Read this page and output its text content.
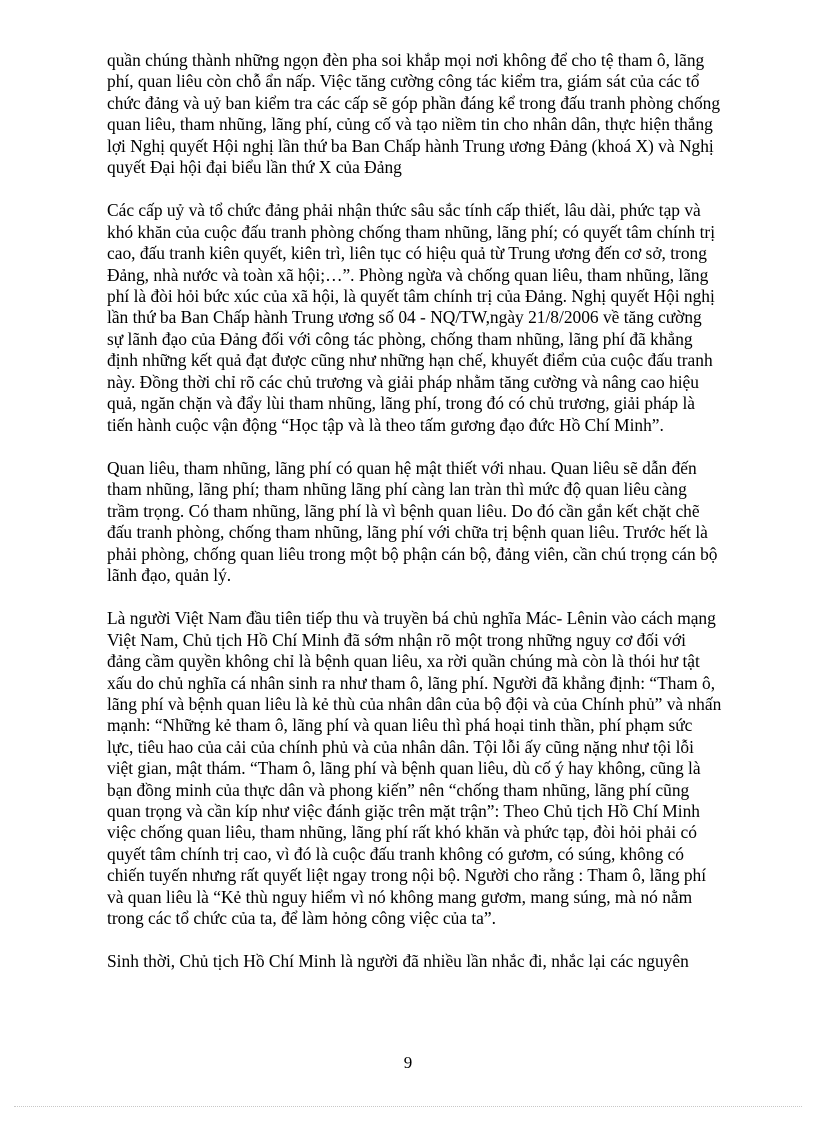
quần chúng thành những ngọn đèn pha soi khắp mọi nơi không để cho tệ tham ô, lãng
phí, quan liêu còn chỗ ẩn nấp. Việc tăng cường công tác kiểm tra, giám sát của các tổ
chức đảng và uỷ ban kiểm tra các cấp sẽ góp phần đáng kể trong đấu tranh phòng chống
quan liêu, tham nhũng, lãng phí, củng cố và tạo niềm tin cho nhân dân, thực hiện thắng
lợi Nghị quyết Hội nghị lần thứ ba Ban Chấp hành Trung ương Đảng (khoá X) và Nghị
quyết Đại hội đại biểu lần thứ X của Đảng

Các cấp uỷ và tổ chức đảng phải nhận thức sâu sắc tính cấp thiết, lâu dài, phức tạp và
khó khăn của cuộc đấu tranh phòng chống tham nhũng, lãng phí; có quyết tâm chính trị
cao, đấu tranh kiên quyết, kiên trì, liên tục có hiệu quả từ Trung ương đến cơ sở, trong
Đảng, nhà nước và toàn xã hội;…”. Phòng ngừa và chống quan liêu, tham nhũng, lãng
phí là đòi hỏi bức xúc của xã hội, là quyết tâm chính trị của Đảng. Nghị quyết Hội nghị
lần thứ ba Ban Chấp hành Trung ương số 04 - NQ/TW,ngày 21/8/2006 về tăng cường
sự lãnh đạo của Đảng đối với công tác phòng, chống tham nhũng, lãng phí đã khẳng
định những kết quả đạt được cũng như những hạn chế, khuyết điểm của cuộc đấu tranh
này. Đồng thời chỉ rõ các chủ trương và giải pháp nhằm tăng cường và nâng cao hiệu
quả, ngăn chặn và đẩy lùi tham nhũng, lãng phí, trong đó có chủ trương, giải pháp là
tiến hành cuộc vận động “Học tập và là theo tấm gương đạo đức Hồ Chí Minh”.

Quan liêu, tham nhũng, lãng phí có quan hệ mật thiết với nhau. Quan liêu sẽ dẫn đến
tham nhũng, lãng phí; tham nhũng lãng phí càng lan tràn thì mức độ quan liêu càng
trầm trọng. Có tham nhũng, lãng phí là vì bệnh quan liêu. Do đó cần gắn kết chặt chẽ
đấu tranh phòng, chống tham nhũng, lãng phí với chữa trị bệnh quan liêu. Trước hết là
phải phòng, chống quan liêu trong một bộ phận cán bộ, đảng viên, cần chú trọng cán bộ
lãnh đạo, quản lý.

Là người Việt Nam đầu tiên tiếp thu và truyền bá chủ nghĩa Mác- Lênin vào cách mạng
Việt Nam, Chủ tịch Hồ Chí Minh đã sớm nhận rõ một trong những nguy cơ đối với
đảng cầm quyền không chỉ là bệnh quan liêu, xa rời quần chúng mà còn là thói hư tật
xấu do chủ nghĩa cá nhân sinh ra như tham ô, lãng phí. Người đã khẳng định: “Tham ô,
lãng phí và bệnh quan liêu là kẻ thù của nhân dân của bộ đội và của Chính phủ” và nhấn
mạnh: “Những kẻ tham ô, lãng phí và quan liêu thì phá hoại tinh thần, phí phạm sức
lực, tiêu hao của cải của chính phủ và của nhân dân. Tội lỗi ấy cũng nặng như tội lỗi
việt gian, mật thám. “Tham ô, lãng phí và bệnh quan liêu, dù cố ý hay không, cũng là
bạn đồng minh của thực dân và phong kiến” nên “chống tham nhũng, lãng phí cũng
quan trọng và cần kíp như việc đánh giặc trên mặt trận”: Theo Chủ tịch Hồ Chí Minh
việc chống quan liêu, tham nhũng, lãng phí rất khó khăn và phức tạp, đòi hỏi phải có
quyết tâm chính trị cao, vì đó là cuộc đấu tranh không có gươm, có súng, không có
chiến tuyến nhưng rất quyết liệt ngay trong nội bộ. Người cho rằng : Tham ô, lãng phí
và quan liêu là “Kẻ thù nguy hiểm vì nó không mang gươm, mang súng, mà nó nằm
trong các tổ chức của ta, để làm hỏng công việc của ta”.

Sinh thời, Chủ tịch Hồ Chí Minh là người đã nhiều lần nhắc đi, nhắc lại các nguyên

9
